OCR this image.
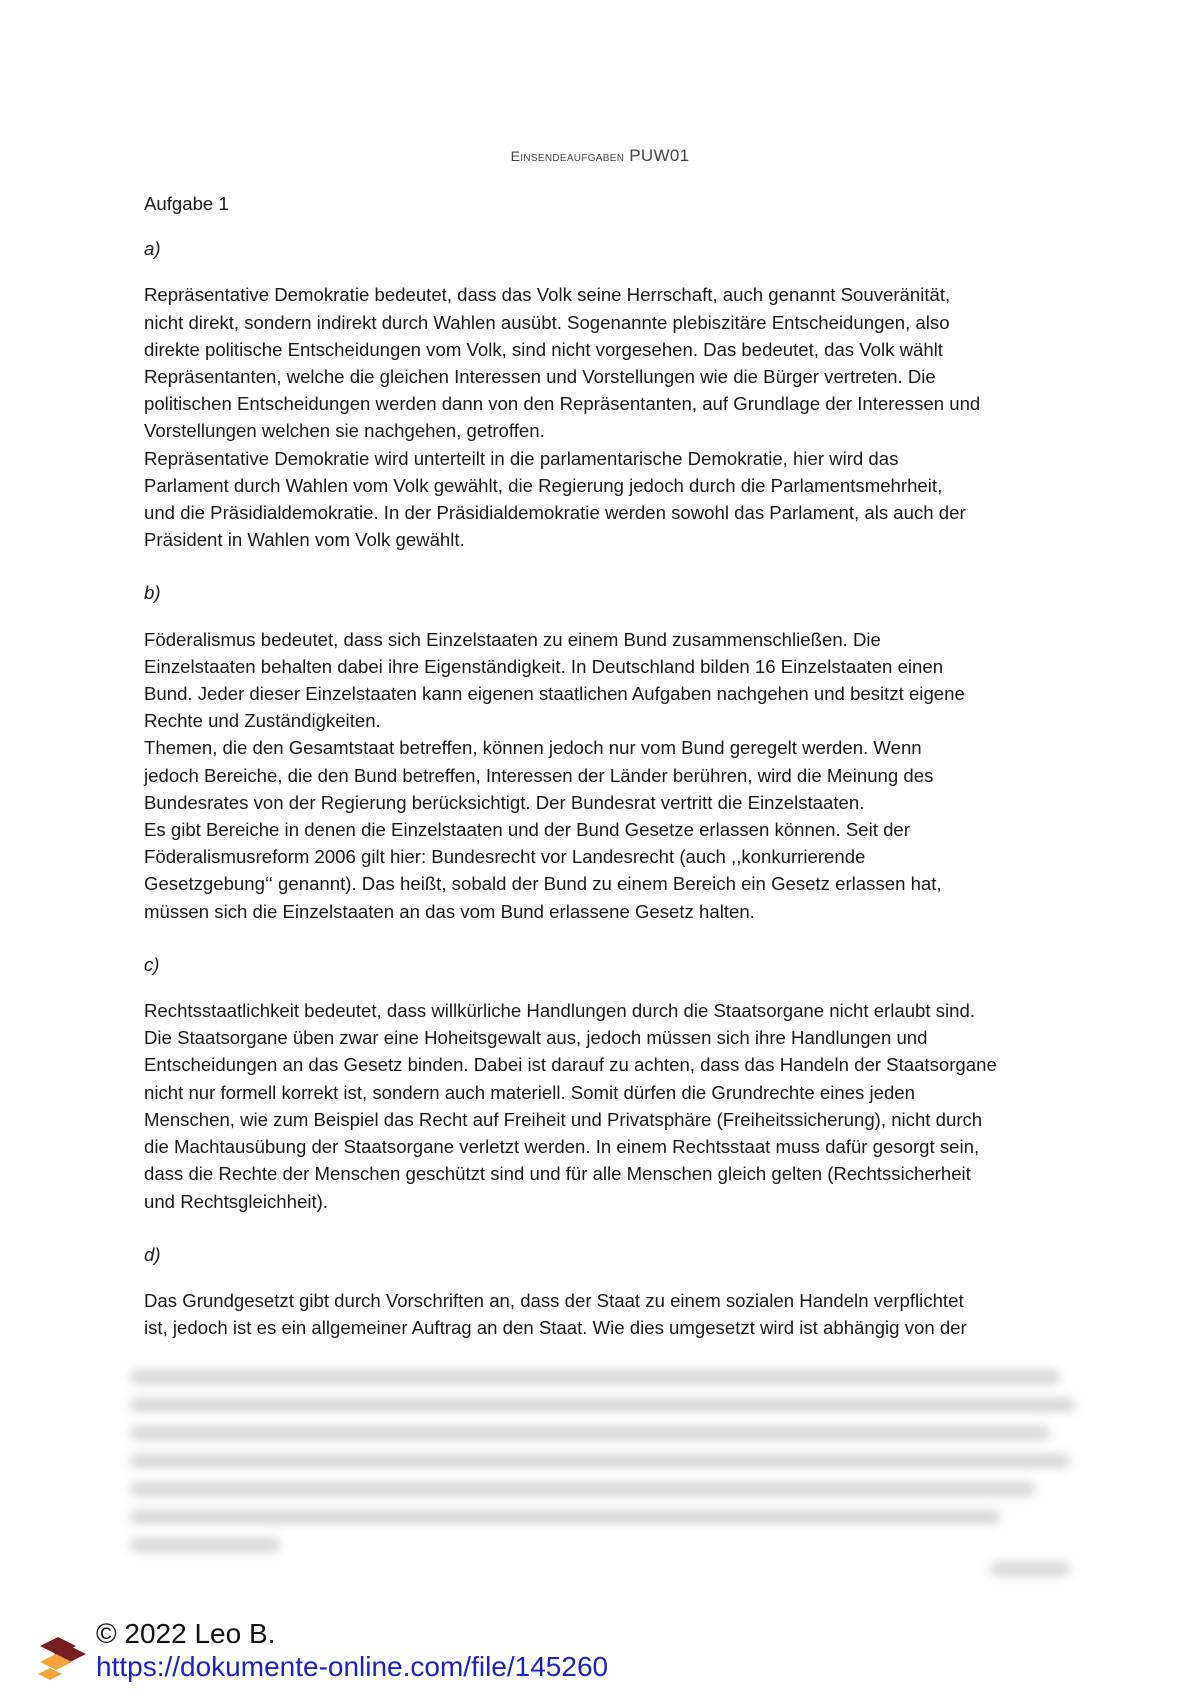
Einsendeaufgaben PUW01
Aufgabe 1
a)
Repräsentative Demokratie bedeutet, dass das Volk seine Herrschaft, auch genannt Souveränität,
nicht direkt, sondern indirekt durch Wahlen ausübt. Sogenannte plebiszitäre Entscheidungen, also
direkte politische Entscheidungen vom Volk, sind nicht vorgesehen. Das bedeutet, das Volk wählt
Repräsentanten, welche die gleichen Interessen und Vorstellungen wie die Bürger vertreten. Die
politischen Entscheidungen werden dann von den Repräsentanten, auf Grundlage der Interessen und
Vorstellungen welchen sie nachgehen, getroffen.
Repräsentative Demokratie wird unterteilt in die parlamentarische Demokratie, hier wird das
Parlament durch Wahlen vom Volk gewählt, die Regierung jedoch durch die Parlamentsmehrheit,
und die Präsidialdemokratie. In der Präsidialdemokratie werden sowohl das Parlament, als auch der
Präsident in Wahlen vom Volk gewählt.
b)
Föderalismus bedeutet, dass sich Einzelstaaten zu einem Bund zusammenschließen. Die
Einzelstaaten behalten dabei ihre Eigenständigkeit. In Deutschland bilden 16 Einzelstaaten einen
Bund. Jeder dieser Einzelstaaten kann eigenen staatlichen Aufgaben nachgehen und besitzt eigene
Rechte und Zuständigkeiten.
Themen, die den Gesamtstaat betreffen, können jedoch nur vom Bund geregelt werden. Wenn
jedoch Bereiche, die den Bund betreffen, Interessen der Länder berühren, wird die Meinung des
Bundesrates von der Regierung berücksichtigt. Der Bundesrat vertritt die Einzelstaaten.
Es gibt Bereiche in denen die Einzelstaaten und der Bund Gesetze erlassen können. Seit der
Föderalismusreform 2006 gilt hier: Bundesrecht vor Landesrecht (auch ,,konkurrierende
Gesetzgebung‘‘ genannt). Das heißt, sobald der Bund zu einem Bereich ein Gesetz erlassen hat,
müssen sich die Einzelstaaten an das vom Bund erlassene Gesetz halten.
c)
Rechtsstaatlichkeit bedeutet, dass willkürliche Handlungen durch die Staatsorgane nicht erlaubt sind.
Die Staatsorgane üben zwar eine Hoheitsgewalt aus, jedoch müssen sich ihre Handlungen und
Entscheidungen an das Gesetz binden. Dabei ist darauf zu achten, dass das Handeln der Staatsorgane
nicht nur formell korrekt ist, sondern auch materiell. Somit dürfen die Grundrechte eines jeden
Menschen, wie zum Beispiel das Recht auf Freiheit und Privatsphäre (Freiheitssicherung), nicht durch
die Machtausübung der Staatsorgane verletzt werden. In einem Rechtsstaat muss dafür gesorgt sein,
dass die Rechte der Menschen geschützt sind und für alle Menschen gleich gelten (Rechtssicherheit
und Rechtsgleichheit).
d)
Das Grundgesetzt gibt durch Vorschriften an, dass der Staat zu einem sozialen Handeln verpflichtet
ist, jedoch ist es ein allgemeiner Auftrag an den Staat. Wie dies umgesetzt wird ist abhängig von der
© 2022 Leo B.
https://dokumente-online.com/file/145260
